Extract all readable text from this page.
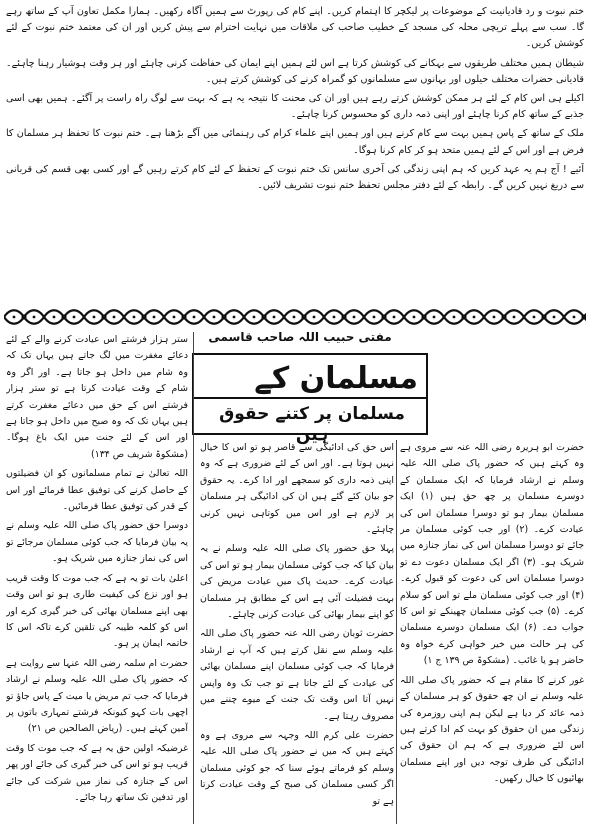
ختم نبوت و رد قادیانیت کے موضوعات پر لیکچر کا اہتمام کریں۔ اپنے کام کی رپورٹ سے ہمیں آگاہ رکھیں۔ ہمارا مکمل تعاون آپ کے ساتھ رہے گا۔ سب سے پہلے تریچی محلہ کی مسجد کے خطیب صاحب کی ملاقات میں نہایت احترام سے پیش کریں اور ان کی معتمد ختم نبوت کے لئے کوشش کریں۔

شیطان ہمیں مختلف طریقوں سے بہکانے کی کوشش کرتا ہے اس لئے ہمیں اپنے ایمان کی حفاظت کرنی چاہئے اور ہر وقت ہوشیار رہنا چاہئے۔ قادیانی حضرات مختلف حیلوں اور بہانوں سے مسلمانوں کو گمراہ کرنے کی کوشش کرتے ہیں۔

اکیلے ہی اس کام کے لئے ہر ممکن کوشش کرتے رہے ہیں اور ان کی محنت کا نتیجہ یہ ہے کہ بہت سے لوگ راہ راست پر آگئے۔ ہمیں بھی اسی جذبے کے ساتھ کام کرنا چاہئے اور اپنی ذمہ داری کو محسوس کرنا چاہئے۔

ملک کے ساتھ کے پاس ہمیں بہت سے کام کرنے ہیں اور ہمیں اپنے علماء کرام کی رہنمائی میں آگے بڑھنا ہے۔ ختم نبوت کا تحفظ ہر مسلمان کا فرض ہے اور اس کے لئے ہمیں متحد ہو کر کام کرنا ہوگا۔

آئیے ! آج ہم یہ عہد کریں کہ ہم اپنی زندگی کی آخری سانس تک ختم نبوت کے تحفظ کے لئے کام کرتے رہیں گے اور کسی بھی قسم کی قربانی سے دریغ نہیں کریں گے۔ رابطہ کے لئے دفتر مجلس تحفظ ختم نبوت تشریف لائیں۔

مفتی حبیب اللہ صاحب قاسمی
مسلمان کے
مسلمان پر کتنے حقوق ہیں

حضرت ابو ہریرہ رضی اللہ عنہ سے مروی ہے وہ کہتے ہیں کہ حضور پاک صلی اللہ علیہ وسلم نے ارشاد فرمایا کہ ایک مسلمان کے دوسرے مسلمان پر چھ حق ہیں (۱) ایک مسلمان بیمار ہو تو دوسرا مسلمان اس کی عیادت کرے۔ (۲) اور جب کوئی مسلمان مر جائے تو دوسرا مسلمان اس کی نماز جنازہ میں شریک ہو۔ (۳) اگر ایک مسلمان دعوت دے تو دوسرا مسلمان اس کی دعوت کو قبول کرے۔ (۴) اور جب کوئی مسلمان ملے تو اس کو سلام کرے۔ (۵) جب کوئی مسلمان چھینکے تو اس کا جواب دے۔ (۶) ایک مسلمان دوسرے مسلمان کی ہر حالت میں خیر خواہی کرے خواہ وہ حاضر ہو یا غائب۔ (مشکوۃ ص ۱۳۹ ج ۱)

غور کرنے کا مقام ہے کہ حضور پاک صلی اللہ علیہ وسلم نے ان چھ حقوق کو ہر مسلمان کے ذمہ عائد کر دیا ہے لیکن ہم اپنی روزمرہ کی زندگی میں ان حقوق کو بہت کم ادا کرتے ہیں اس لئے ضروری ہے کہ ہم ان حقوق کی ادائیگی کی طرف توجہ دیں اور اپنے مسلمان بھائیوں کا خیال رکھیں۔

اس حق کی ادائیگی سے قاصر ہو تو اس کا خیال نہیں ہوتا ہے۔ اور اس کے لئے ضروری ہے کہ وہ اپنی ذمہ داری کو سمجھے اور ادا کرے۔ یہ حقوق جو بیان کئے گئے ہیں ان کی ادائیگی ہر مسلمان پر لازم ہے اور اس میں کوتاہی نہیں کرنی چاہئے۔

پہلا حق حضور پاک صلی اللہ علیہ وسلم نے یہ بیان کیا کہ جب کوئی مسلمان بیمار ہو تو اس کی عیادت کرے۔ حدیث پاک میں عیادت مریض کی بہت فضیلت آئی ہے اس کے مطابق ہر مسلمان کو اپنے بیمار بھائی کی عیادت کرنی چاہئے۔

حضرت ثوبان رضی اللہ عنہ حضور پاک صلی اللہ علیہ وسلم سے نقل کرتے ہیں کہ آپ نے ارشاد فرمایا کہ جب کوئی مسلمان اپنے مسلمان بھائی کی عیادت کے لئے جاتا ہے تو جب تک وہ واپس نہیں آتا اس وقت تک جنت کے میوے چننے میں مصروف رہتا ہے۔

حضرت علی کرم اللہ وجہہ سے مروی ہے وہ کہتے ہیں کہ میں نے حضور پاک صلی اللہ علیہ وسلم کو فرماتے ہوئے سنا کہ جو کوئی مسلمان اگر کسی مسلمان کی صبح کے وقت عیادت کرتا ہے تو

ستر ہزار فرشتے اس عیادت کرنے والے کے لئے دعائے مغفرت میں لگ جاتے ہیں یہاں تک کہ وہ شام میں داخل ہو جاتا ہے۔ اور اگر وہ شام کے وقت عیادت کرتا ہے تو ستر ہزار فرشتے اس کے حق میں دعائے مغفرت کرتے ہیں یہاں تک کہ وہ صبح میں داخل ہو جاتا ہے اور اس کے لئے جنت میں ایک باغ ہوگا۔ (مشکوۃ شریف ص ۱۳۴)

اللہ تعالیٰ نے تمام مسلمانوں کو ان فضیلتوں کے حاصل کرنے کی توفیق عطا فرمائے اور اس کے قدر کی توفیق عطا فرمائیں۔

دوسرا حق حضور پاک صلی اللہ علیہ وسلم نے یہ بیان فرمایا کہ جب کوئی مسلمان مرجائے تو اس کی نماز جنازہ میں شریک ہو۔

اعلیٰ بات تو یہ ہے کہ جب موت کا وقت قریب ہو اور نزع کی کیفیت طاری ہو تو اس وقت بھی اپنے مسلمان بھائی کی خبر گیری کرے اور اس کو کلمہ طیبہ کی تلقین کرے تاکہ اس کا خاتمہ ایمان پر ہو۔

حضرت ام سلمہ رضی اللہ عنہا سے روایت ہے کہ حضور پاک صلی اللہ علیہ وسلم نے ارشاد فرمایا کہ جب تم مریض یا میت کے پاس جاؤ تو اچھی بات کہو کیونکہ فرشتے تمہاری باتوں پر آمین کہتے ہیں۔ (ریاض الصالحین ص ۲۱)

غرضیکہ اولین حق یہ ہے کہ جب موت کا وقت قریب ہو تو اس کی خبر گیری کی جائے اور پھر اس کے جنازہ کی نماز میں شرکت کی جائے اور تدفین تک ساتھ رہا جائے۔
